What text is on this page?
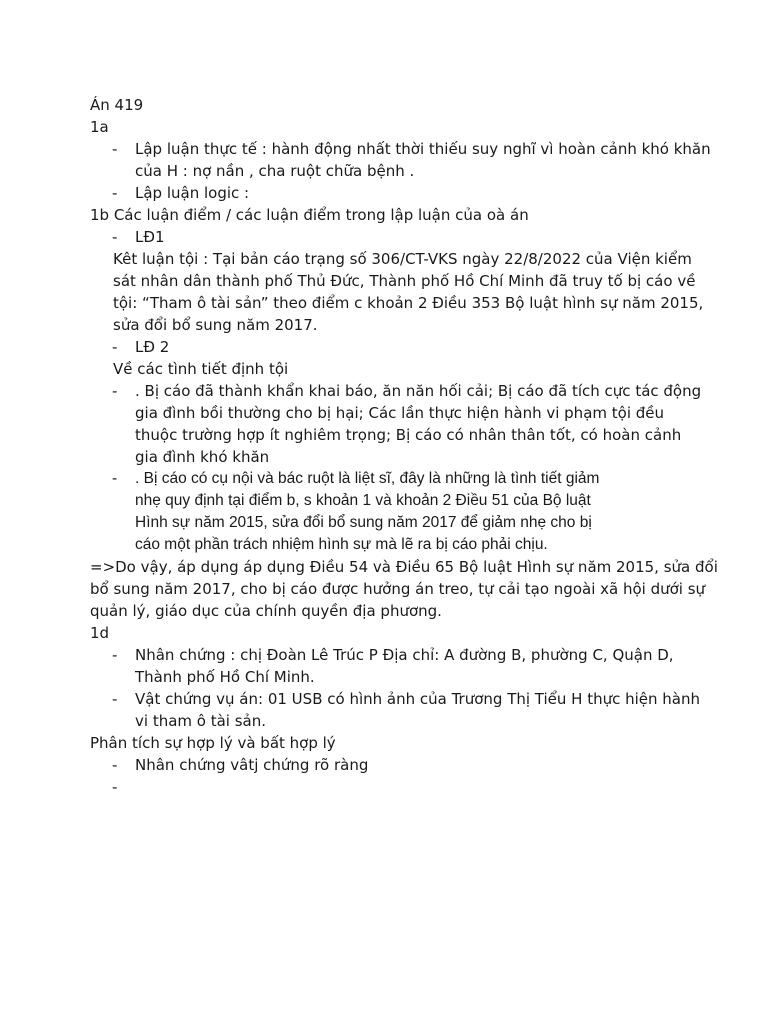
Án 419
1a
- Lập luận thực tế : hành động nhất thời thiếu suy nghĩ vì hoàn cảnh khó khăn
của H : nợ nần , cha ruột chữa bệnh .
- Lập luận logic :
1b Các luận điểm / các luận điểm trong lập luận của oà án
- LĐ1
Kêt luận tội : Tại bản cáo trạng số 306/CT-VKS ngày 22/8/2022 của Viện kiểm
sát nhân dân thành phố Thủ Đức, Thành phố Hồ Chí Minh đã truy tố bị cáo về
tội: “Tham ô tài sản” theo điểm c khoản 2 Điều 353 Bộ luật hình sự năm 2015,
sửa đổi bổ sung năm 2017.
- LĐ 2
Về các tình tiết định tội
- . Bị cáo đã thành khẩn khai báo, ăn năn hối cải; Bị cáo đã tích cực tác động
gia đình bồi thường cho bị hại; Các lần thực hiện hành vi phạm tội đều
thuộc trường hợp ít nghiêm trọng; Bị cáo có nhân thân tốt, có hoàn cảnh
gia đình khó khăn
- . Bị cáo có cụ nội và bác ruột là liệt sĩ, đây là những là tình tiết giảm
nhẹ quy định tại điểm b, s khoản 1 và khoản 2 Điều 51 của Bộ luật
Hình sự năm 2015, sửa đổi bổ sung năm 2017 để giảm nhẹ cho bị
cáo một phần trách nhiệm hình sự mà lẽ ra bị cáo phải chịu.
=>Do vậy, áp dụng áp dụng Điều 54 và Điều 65 Bộ luật Hình sự năm 2015, sửa đổi
bổ sung năm 2017, cho bị cáo được hưởng án treo, tự cải tạo ngoài xã hội dưới sự
quản lý, giáo dục của chính quyền địa phương.
1d
- Nhân chứng : chị Đoàn Lê Trúc P Địa chỉ: A đường B, phường C, Quận D,
Thành phố Hồ Chí Minh.
- Vật chứng vụ án: 01 USB có hình ảnh của Trương Thị Tiểu H thực hiện hành
vi tham ô tài sản.
Phân tích sự hợp lý và bất hợp lý
- Nhân chứng vâtj chứng rõ ràng
-
